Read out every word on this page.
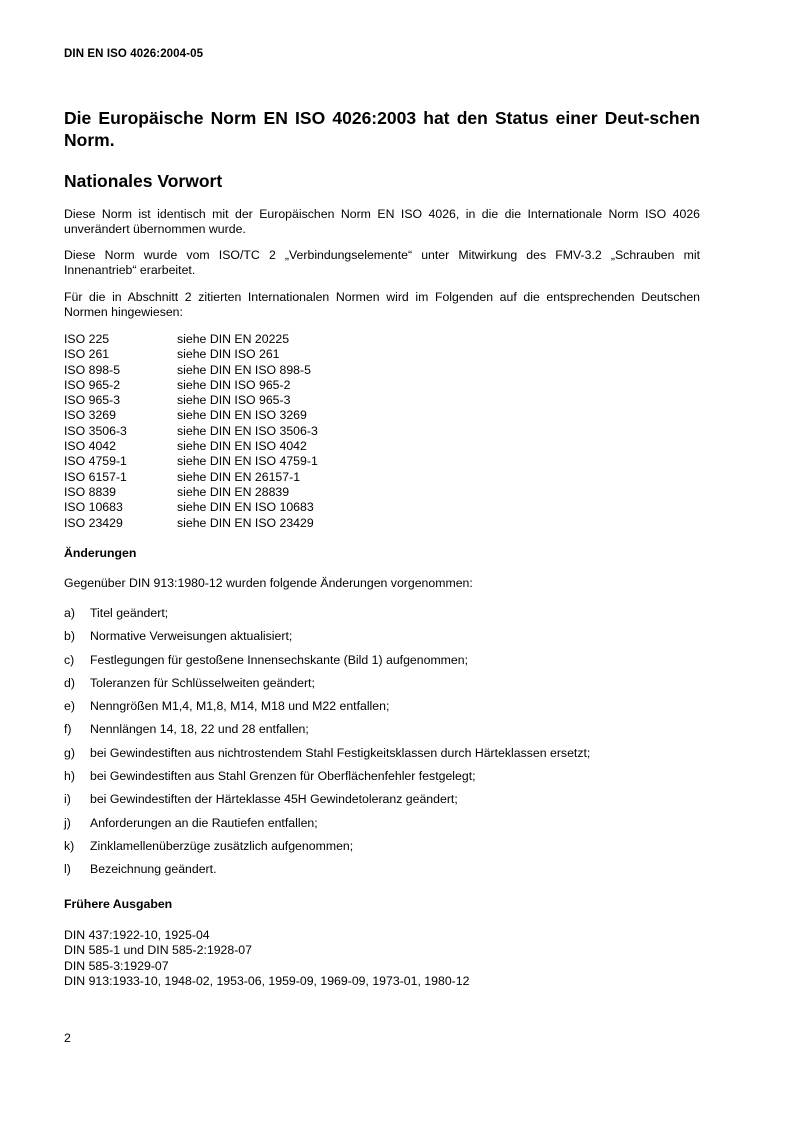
DIN EN ISO 4026:2004-05
Die Europäische Norm EN ISO 4026:2003 hat den Status einer Deut-schen Norm.
Nationales Vorwort
Diese Norm ist identisch mit der Europäischen Norm EN ISO 4026, in die die Internationale Norm ISO 4026 unverändert übernommen wurde.
Diese Norm wurde vom ISO/TC 2 „Verbindungselemente“ unter Mitwirkung des FMV-3.2 „Schrauben mit Innenantrieb“ erarbeitet.
Für die in Abschnitt 2 zitierten Internationalen Normen wird im Folgenden auf die entsprechenden Deutschen Normen hingewiesen:
ISO 225	siehe DIN EN 20225
ISO 261	siehe DIN ISO 261
ISO 898-5	siehe DIN EN ISO 898-5
ISO 965-2	siehe DIN ISO 965-2
ISO 965-3	siehe DIN ISO 965-3
ISO 3269	siehe DIN EN ISO 3269
ISO 3506-3	siehe DIN EN ISO 3506-3
ISO 4042	siehe DIN EN ISO 4042
ISO 4759-1	siehe DIN EN ISO 4759-1
ISO 6157-1	siehe DIN EN 26157-1
ISO 8839	siehe DIN EN 28839
ISO 10683	siehe DIN EN ISO 10683
ISO 23429	siehe DIN EN ISO 23429
Änderungen
Gegenüber DIN 913:1980-12 wurden folgende Änderungen vorgenommen:
a)	Titel geändert;
b)	Normative Verweisungen aktualisiert;
c)	Festlegungen für gestoßene Innensechskante (Bild 1) aufgenommen;
d)	Toleranzen für Schlüsselweiten geändert;
e)	Nenngrößen M1,4, M1,8, M14, M18 und M22 entfallen;
f)	Nennlängen 14, 18, 22 und 28 entfallen;
g)	bei Gewindestiften aus nichtrostendem Stahl Festigkeitsklassen durch Härteklassen ersetzt;
h)	bei Gewindestiften aus Stahl Grenzen für Oberflächenfehler festgelegt;
i)	bei Gewindestiften der Härteklasse 45H Gewindetoleranz geändert;
j)	Anforderungen an die Rautiefen entfallen;
k)	Zinklamellenüberzüge zusätzlich aufgenommen;
l)	Bezeichnung geändert.
Frühere Ausgaben
DIN 437:1922-10, 1925-04
DIN 585-1 und DIN 585-2:1928-07
DIN 585-3:1929-07
DIN 913:1933-10, 1948-02, 1953-06, 1959-09, 1969-09, 1973-01, 1980-12
2
